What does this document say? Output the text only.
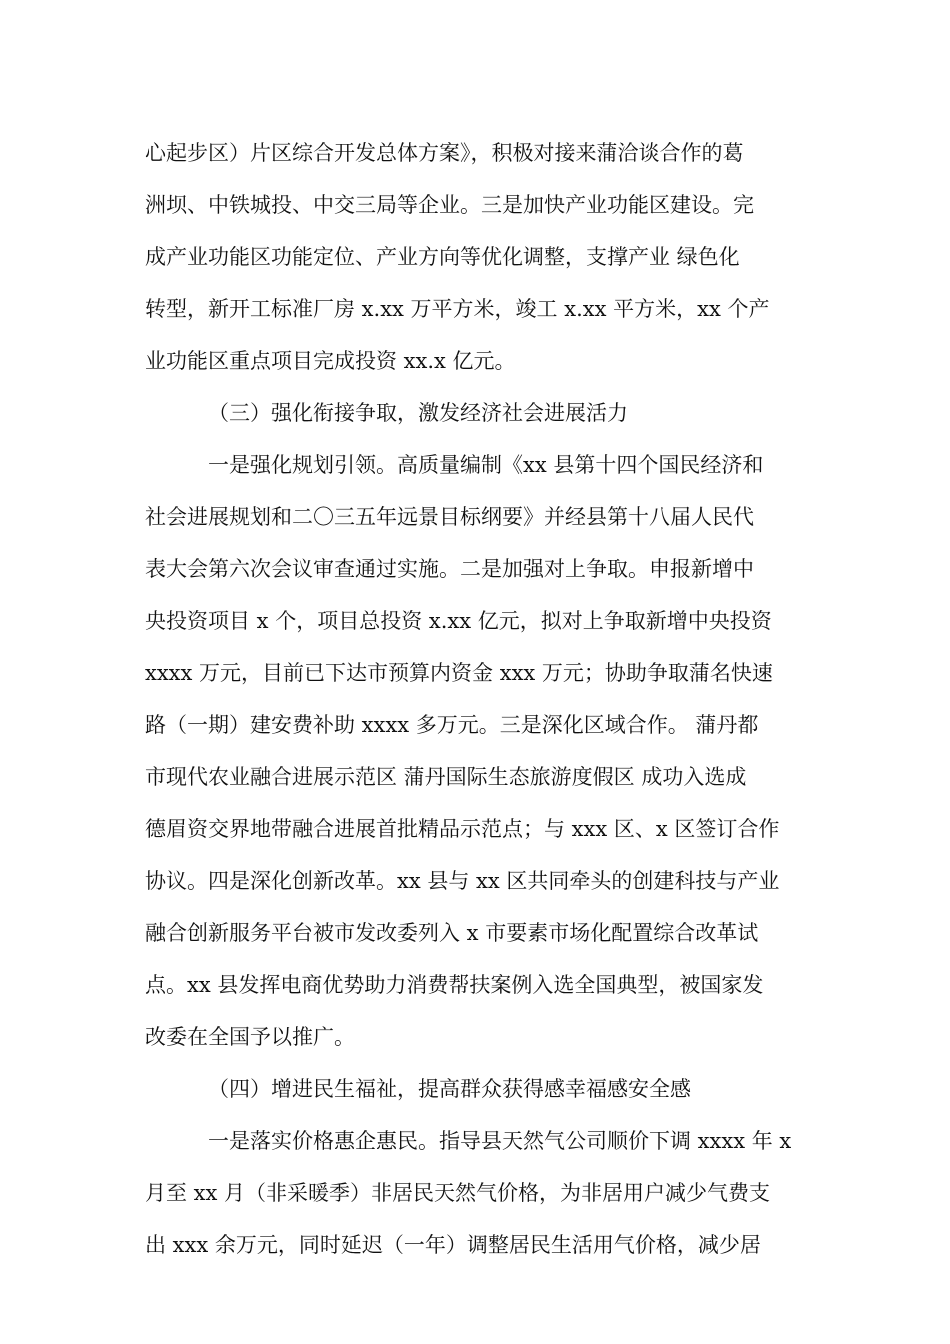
心起步区）片区综合开发总体方案》，积极对接来蒲洽谈合作的葛
洲坝、中铁城投、中交三局等企业。三是加快产业功能区建设。完
成产业功能区功能定位、产业方向等优化调整，支撑产业 绿色化
转型，新开工标准厂房 x.xx 万平方米，竣工 x.xx 平方米，xx 个产
业功能区重点项目完成投资 xx.x 亿元。
（三）强化衔接争取，激发经济社会进展活力
一是强化规划引领。高质量编制《xx 县第十四个国民经济和
社会进展规划和二〇三五年远景目标纲要》并经县第十八届人民代
表大会第六次会议审查通过实施。二是加强对上争取。申报新增中
央投资项目 x 个，项目总投资 x.xx 亿元，拟对上争取新增中央投资
xxxx 万元，目前已下达市预算内资金 xxx 万元；协助争取蒲名快速
路（一期）建安费补助 xxxx 多万元。三是深化区域合作。 蒲丹都
市现代农业融合进展示范区 蒲丹国际生态旅游度假区 成功入选成
德眉资交界地带融合进展首批精品示范点；与 xxx 区、x 区签订合作
协议。四是深化创新改革。xx 县与 xx 区共同牵头的创建科技与产业
融合创新服务平台被市发改委列入 x 市要素市场化配置综合改革试
点。xx 县发挥电商优势助力消费帮扶案例入选全国典型，被国家发
改委在全国予以推广。
（四）增进民生福祉，提高群众获得感幸福感安全感
一是落实价格惠企惠民。指导县天然气公司顺价下调 xxxx 年 x
月至 xx 月（非采暖季）非居民天然气价格，为非居用户减少气费支
出 xxx 余万元，同时延迟（一年）调整居民生活用气价格，减少居
